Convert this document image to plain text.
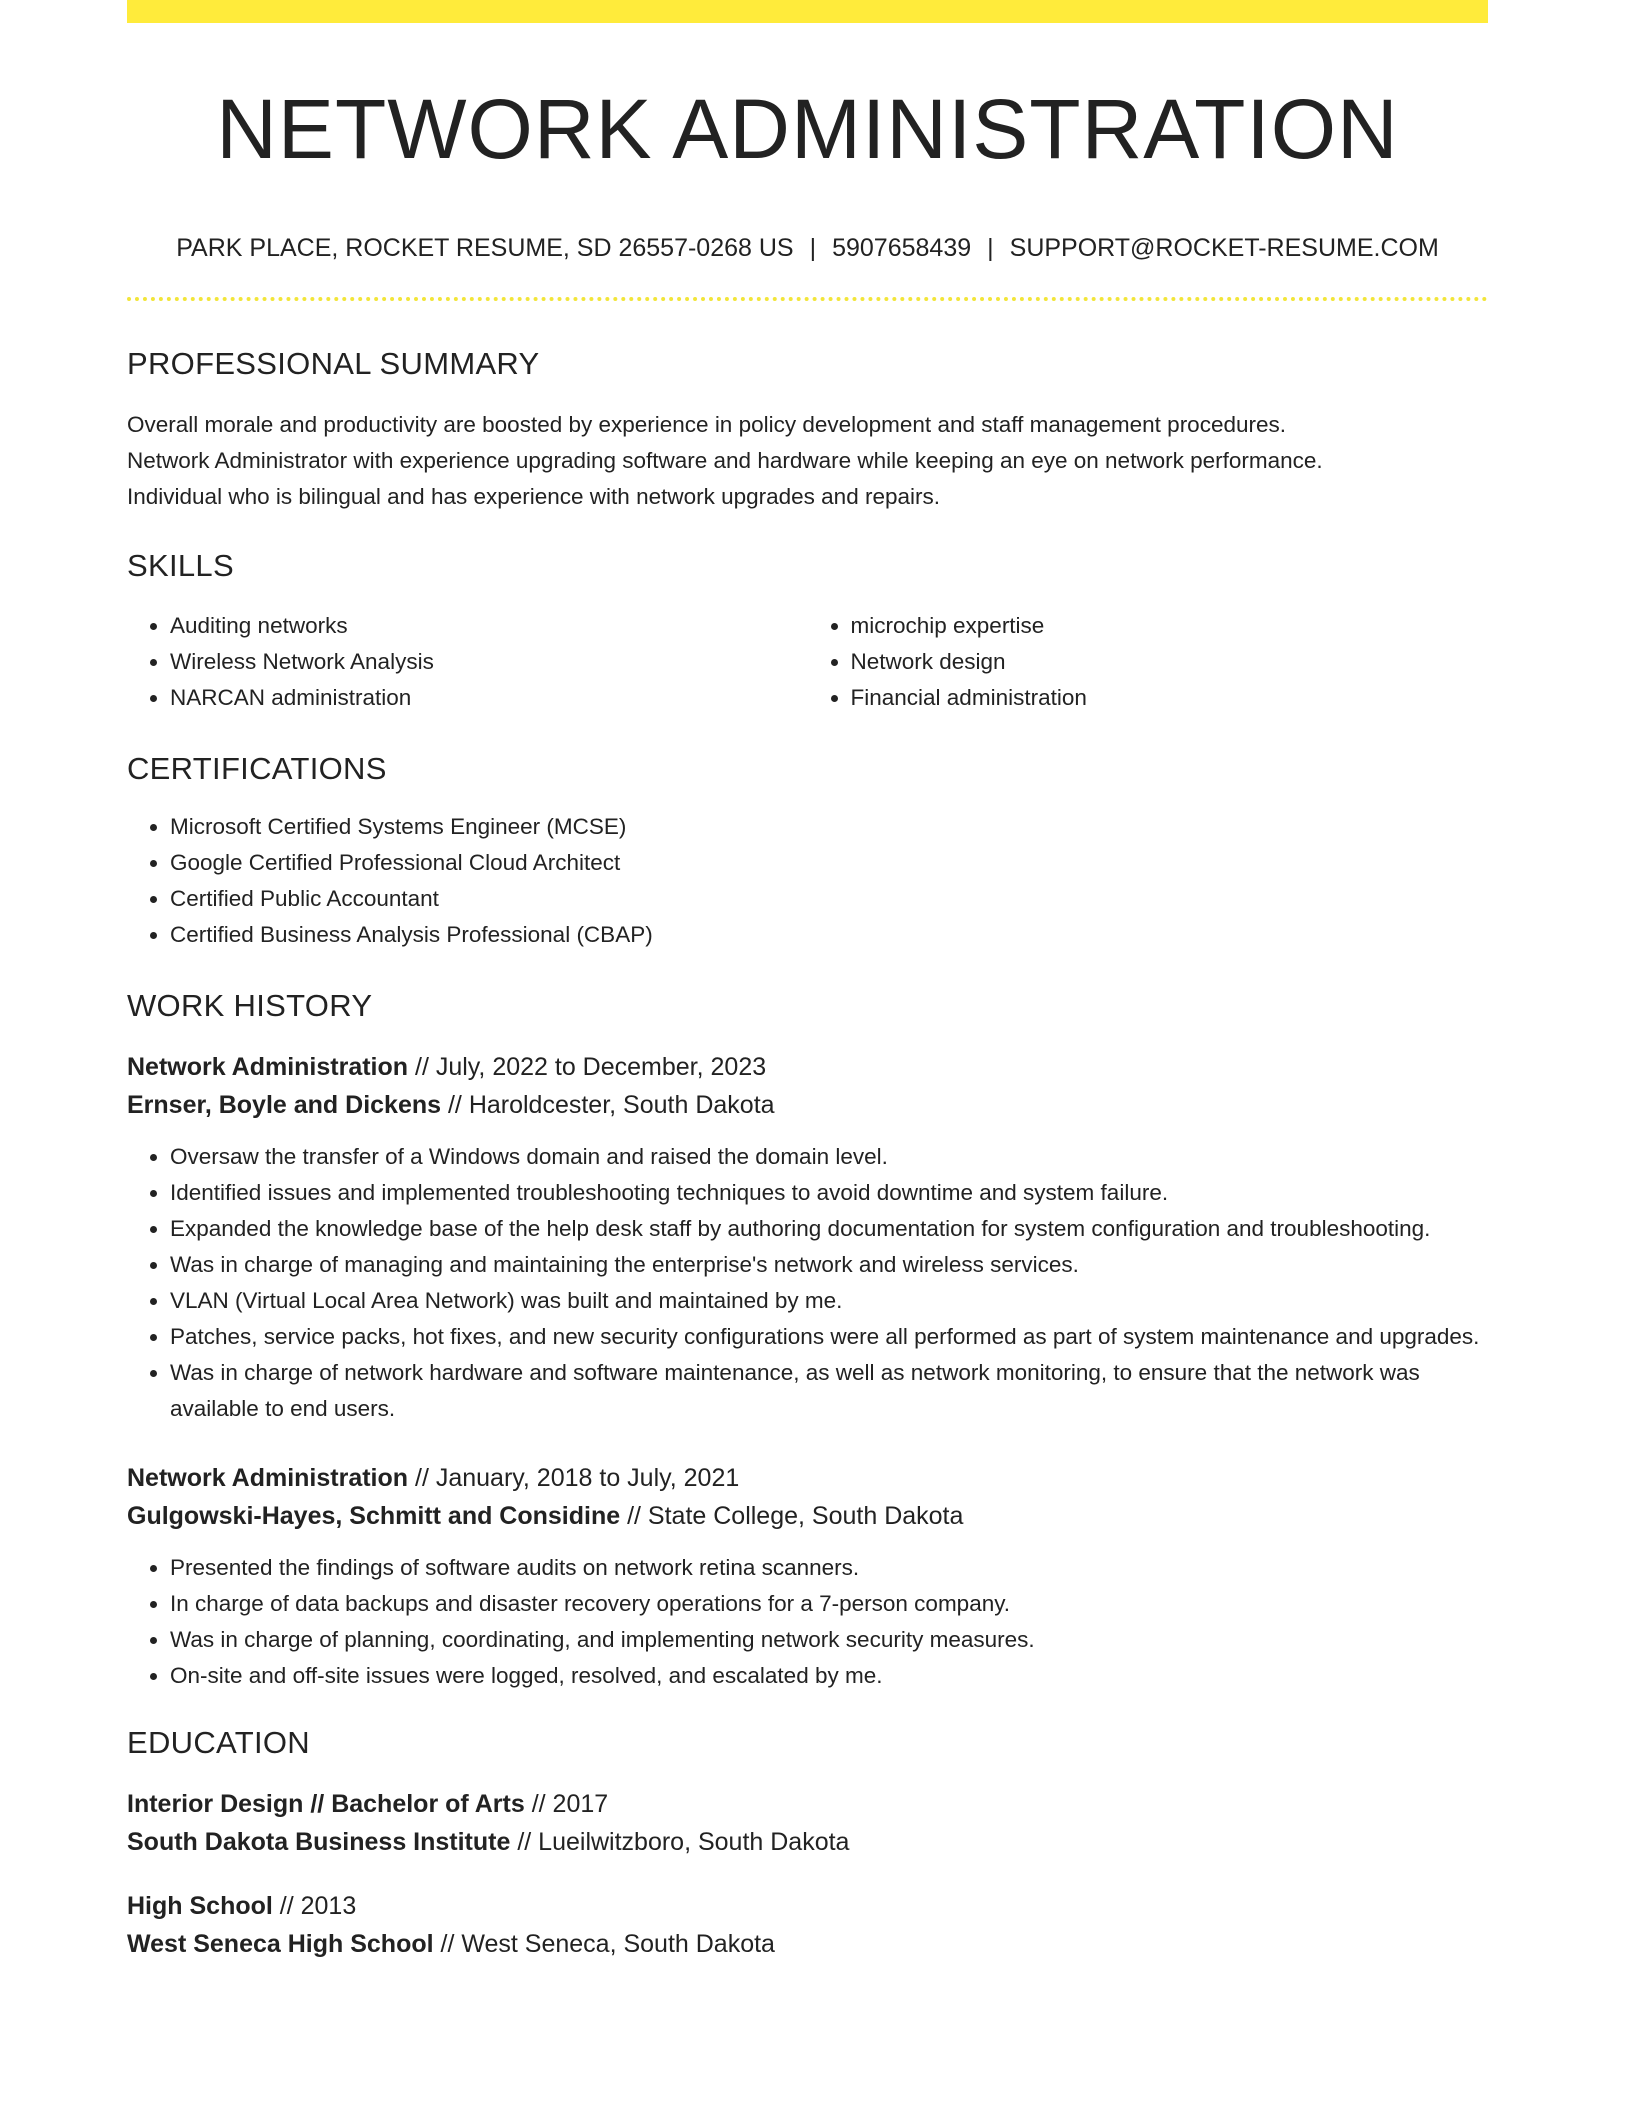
NETWORK ADMINISTRATION
PARK PLACE, ROCKET RESUME, SD 26557-0268 US | 5907658439 | SUPPORT@ROCKET-RESUME.COM
PROFESSIONAL SUMMARY
Overall morale and productivity are boosted by experience in policy development and staff management procedures.
Network Administrator with experience upgrading software and hardware while keeping an eye on network performance.
Individual who is bilingual and has experience with network upgrades and repairs.
SKILLS
• Auditing networks
• Wireless Network Analysis
• NARCAN administration
• microchip expertise
• Network design
• Financial administration
CERTIFICATIONS
• Microsoft Certified Systems Engineer (MCSE)
• Google Certified Professional Cloud Architect
• Certified Public Accountant
• Certified Business Analysis Professional (CBAP)
WORK HISTORY
Network Administration // July, 2022 to December, 2023
Ernser, Boyle and Dickens // Haroldcester, South Dakota
• Oversaw the transfer of a Windows domain and raised the domain level.
• Identified issues and implemented troubleshooting techniques to avoid downtime and system failure.
• Expanded the knowledge base of the help desk staff by authoring documentation for system configuration and troubleshooting.
• Was in charge of managing and maintaining the enterprise's network and wireless services.
• VLAN (Virtual Local Area Network) was built and maintained by me.
• Patches, service packs, hot fixes, and new security configurations were all performed as part of system maintenance and upgrades.
• Was in charge of network hardware and software maintenance, as well as network monitoring, to ensure that the network was available to end users.
Network Administration // January, 2018 to July, 2021
Gulgowski-Hayes, Schmitt and Considine // State College, South Dakota
• Presented the findings of software audits on network retina scanners.
• In charge of data backups and disaster recovery operations for a 7-person company.
• Was in charge of planning, coordinating, and implementing network security measures.
• On-site and off-site issues were logged, resolved, and escalated by me.
EDUCATION
Interior Design // Bachelor of Arts // 2017
South Dakota Business Institute // Lueilwitzboro, South Dakota
High School // 2013
West Seneca High School // West Seneca, South Dakota
